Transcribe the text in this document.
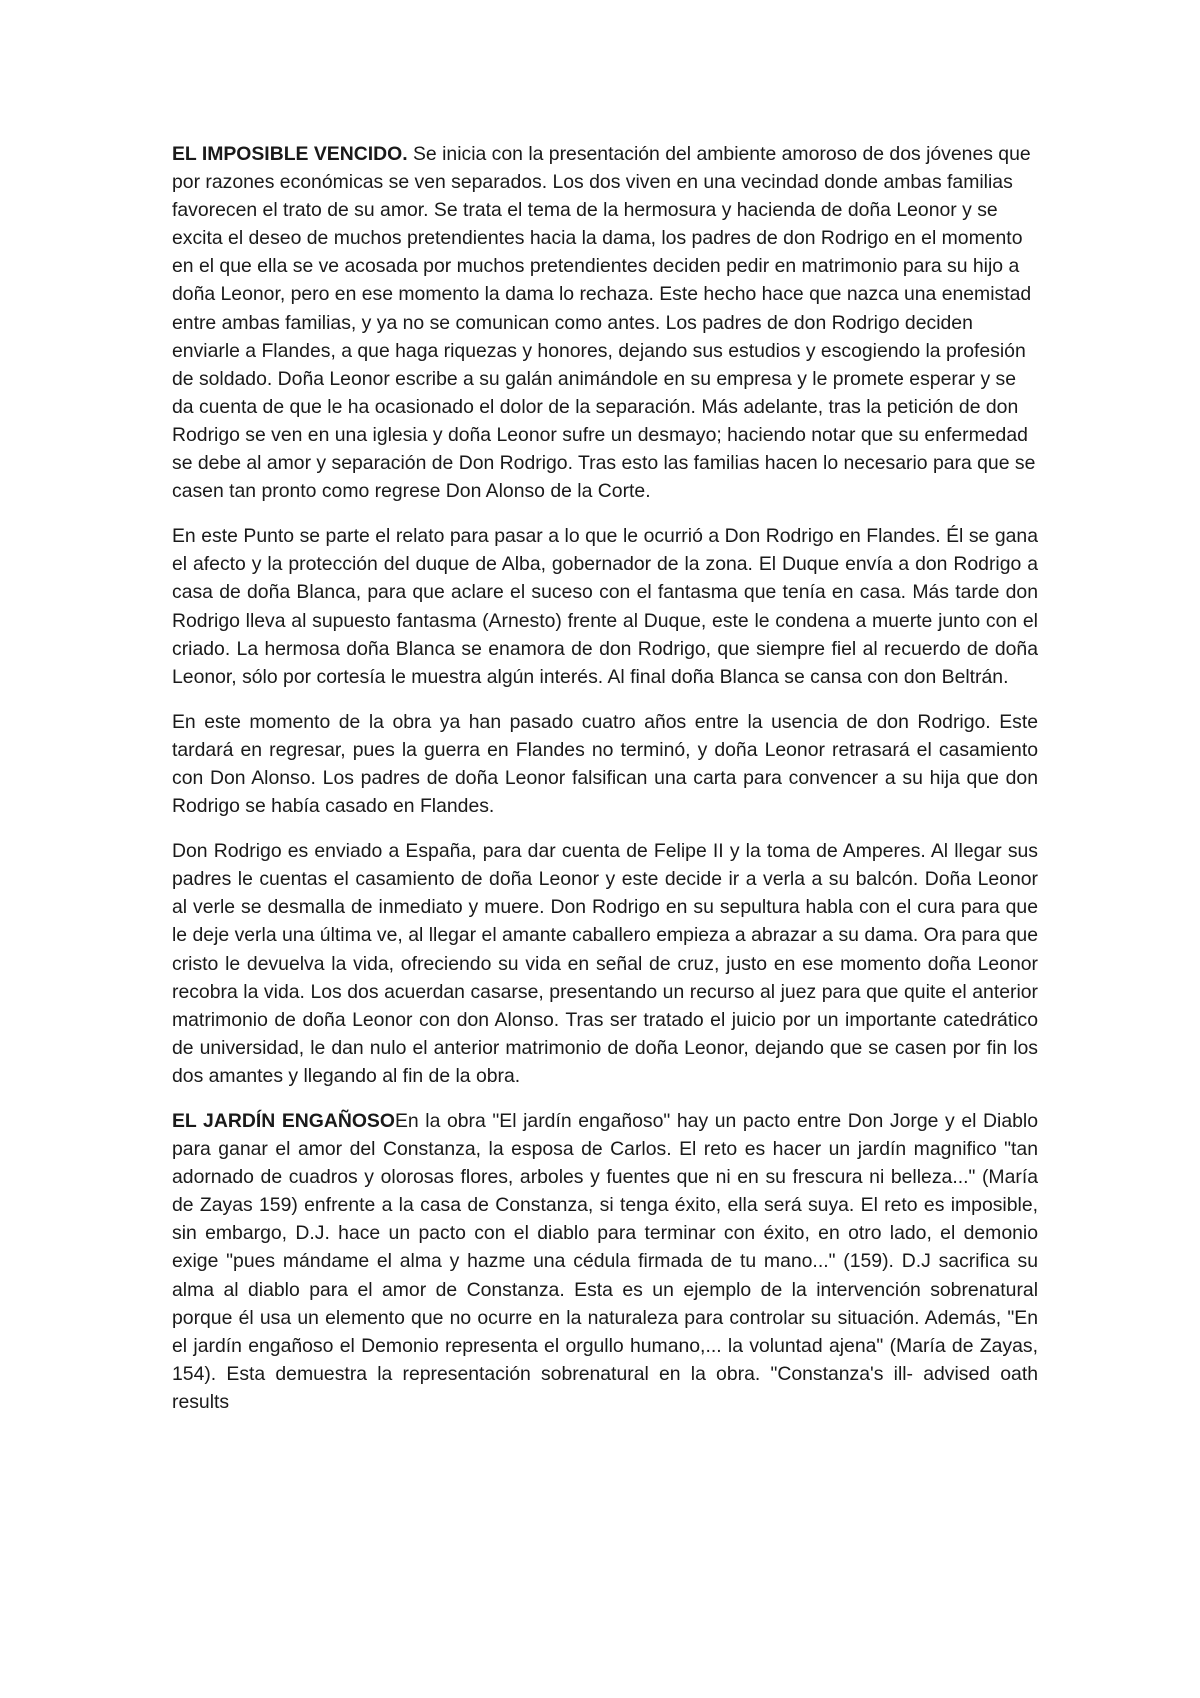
EL IMPOSIBLE VENCIDO. Se inicia con la presentación del ambiente amoroso de dos jóvenes que por razones económicas se ven separados. Los dos viven en una vecindad donde ambas familias favorecen el trato de su amor. Se trata el tema de la hermosura y hacienda de doña Leonor y se excita el deseo de muchos pretendientes hacia la dama, los padres de don Rodrigo en el momento en el que ella se ve acosada por muchos pretendientes deciden pedir en matrimonio para su hijo a doña Leonor, pero en ese momento la dama lo rechaza. Este hecho hace que nazca una enemistad entre ambas familias, y ya no se comunican como antes. Los padres de don Rodrigo deciden enviarle a Flandes, a que haga riquezas y honores, dejando sus estudios y escogiendo la profesión de soldado. Doña Leonor escribe a su galán animándole en su empresa y le promete esperar y se da cuenta de que le ha ocasionado el dolor de la separación. Más adelante, tras la petición de don Rodrigo se ven en una iglesia y doña Leonor sufre un desmayo; haciendo notar que su enfermedad se debe al amor y separación de Don Rodrigo. Tras esto las familias hacen lo necesario para que se casen tan pronto como regrese Don Alonso de la Corte.

En este Punto se parte el relato para pasar a lo que le ocurrió a Don Rodrigo en Flandes. Él se gana el afecto y la protección del duque de Alba, gobernador de la zona. El Duque envía a don Rodrigo a casa de doña Blanca, para que aclare el suceso con el fantasma que tenía en casa. Más tarde don Rodrigo lleva al supuesto fantasma (Arnesto) frente al Duque, este le condena a muerte junto con el criado. La hermosa doña Blanca se enamora de don Rodrigo, que siempre fiel al recuerdo de doña Leonor, sólo por cortesía le muestra algún interés. Al final doña Blanca se cansa con don Beltrán.

En este momento de la obra ya han pasado cuatro años entre la usencia de don Rodrigo. Este tardará en regresar, pues la guerra en Flandes no terminó, y doña Leonor retrasará el casamiento con Don Alonso. Los padres de doña Leonor falsifican una carta para convencer a su hija que don Rodrigo se había casado en Flandes.

Don Rodrigo es enviado a España, para dar cuenta de Felipe II y la toma de Amperes. Al llegar sus padres le cuentas el casamiento de doña Leonor y este decide ir a verla a su balcón. Doña Leonor al verle se desmalla de inmediato y muere. Don Rodrigo en su sepultura habla con el cura para que le deje verla una última ve, al llegar el amante caballero empieza a abrazar a su dama. Ora para que cristo le devuelva la vida, ofreciendo su vida en señal de cruz, justo en ese momento doña Leonor recobra la vida. Los dos acuerdan casarse, presentando un recurso al juez para que quite el anterior matrimonio de doña Leonor con don Alonso. Tras ser tratado el juicio por un importante catedrático de universidad, le dan nulo el anterior matrimonio de doña Leonor, dejando que se casen por fin los dos amantes y llegando al fin de la obra.

EL JARDÍN ENGAÑOSOEn la obra "El jardín engañoso" hay un pacto entre Don Jorge y el Diablo para ganar el amor del Constanza, la esposa de Carlos. El reto es hacer un jardín magnifico "tan adornado de cuadros y olorosas flores, arboles y fuentes que ni en su frescura ni belleza..." (María de Zayas 159) enfrente a la casa de Constanza, si tenga éxito, ella será suya. El reto es imposible, sin embargo, D.J. hace un pacto con el diablo para terminar con éxito, en otro lado, el demonio exige "pues mándame el alma y hazme una cédula firmada de tu mano..." (159). D.J sacrifica su alma al diablo para el amor de Constanza. Esta es un ejemplo de la intervención sobrenatural porque él usa un elemento que no ocurre en la naturaleza para controlar su situación. Además, "En el jardín engañoso el Demonio representa el orgullo humano,... la voluntad ajena" (María de Zayas, 154). Esta demuestra la representación sobrenatural en la obra. "Constanza's ill- advised oath results
